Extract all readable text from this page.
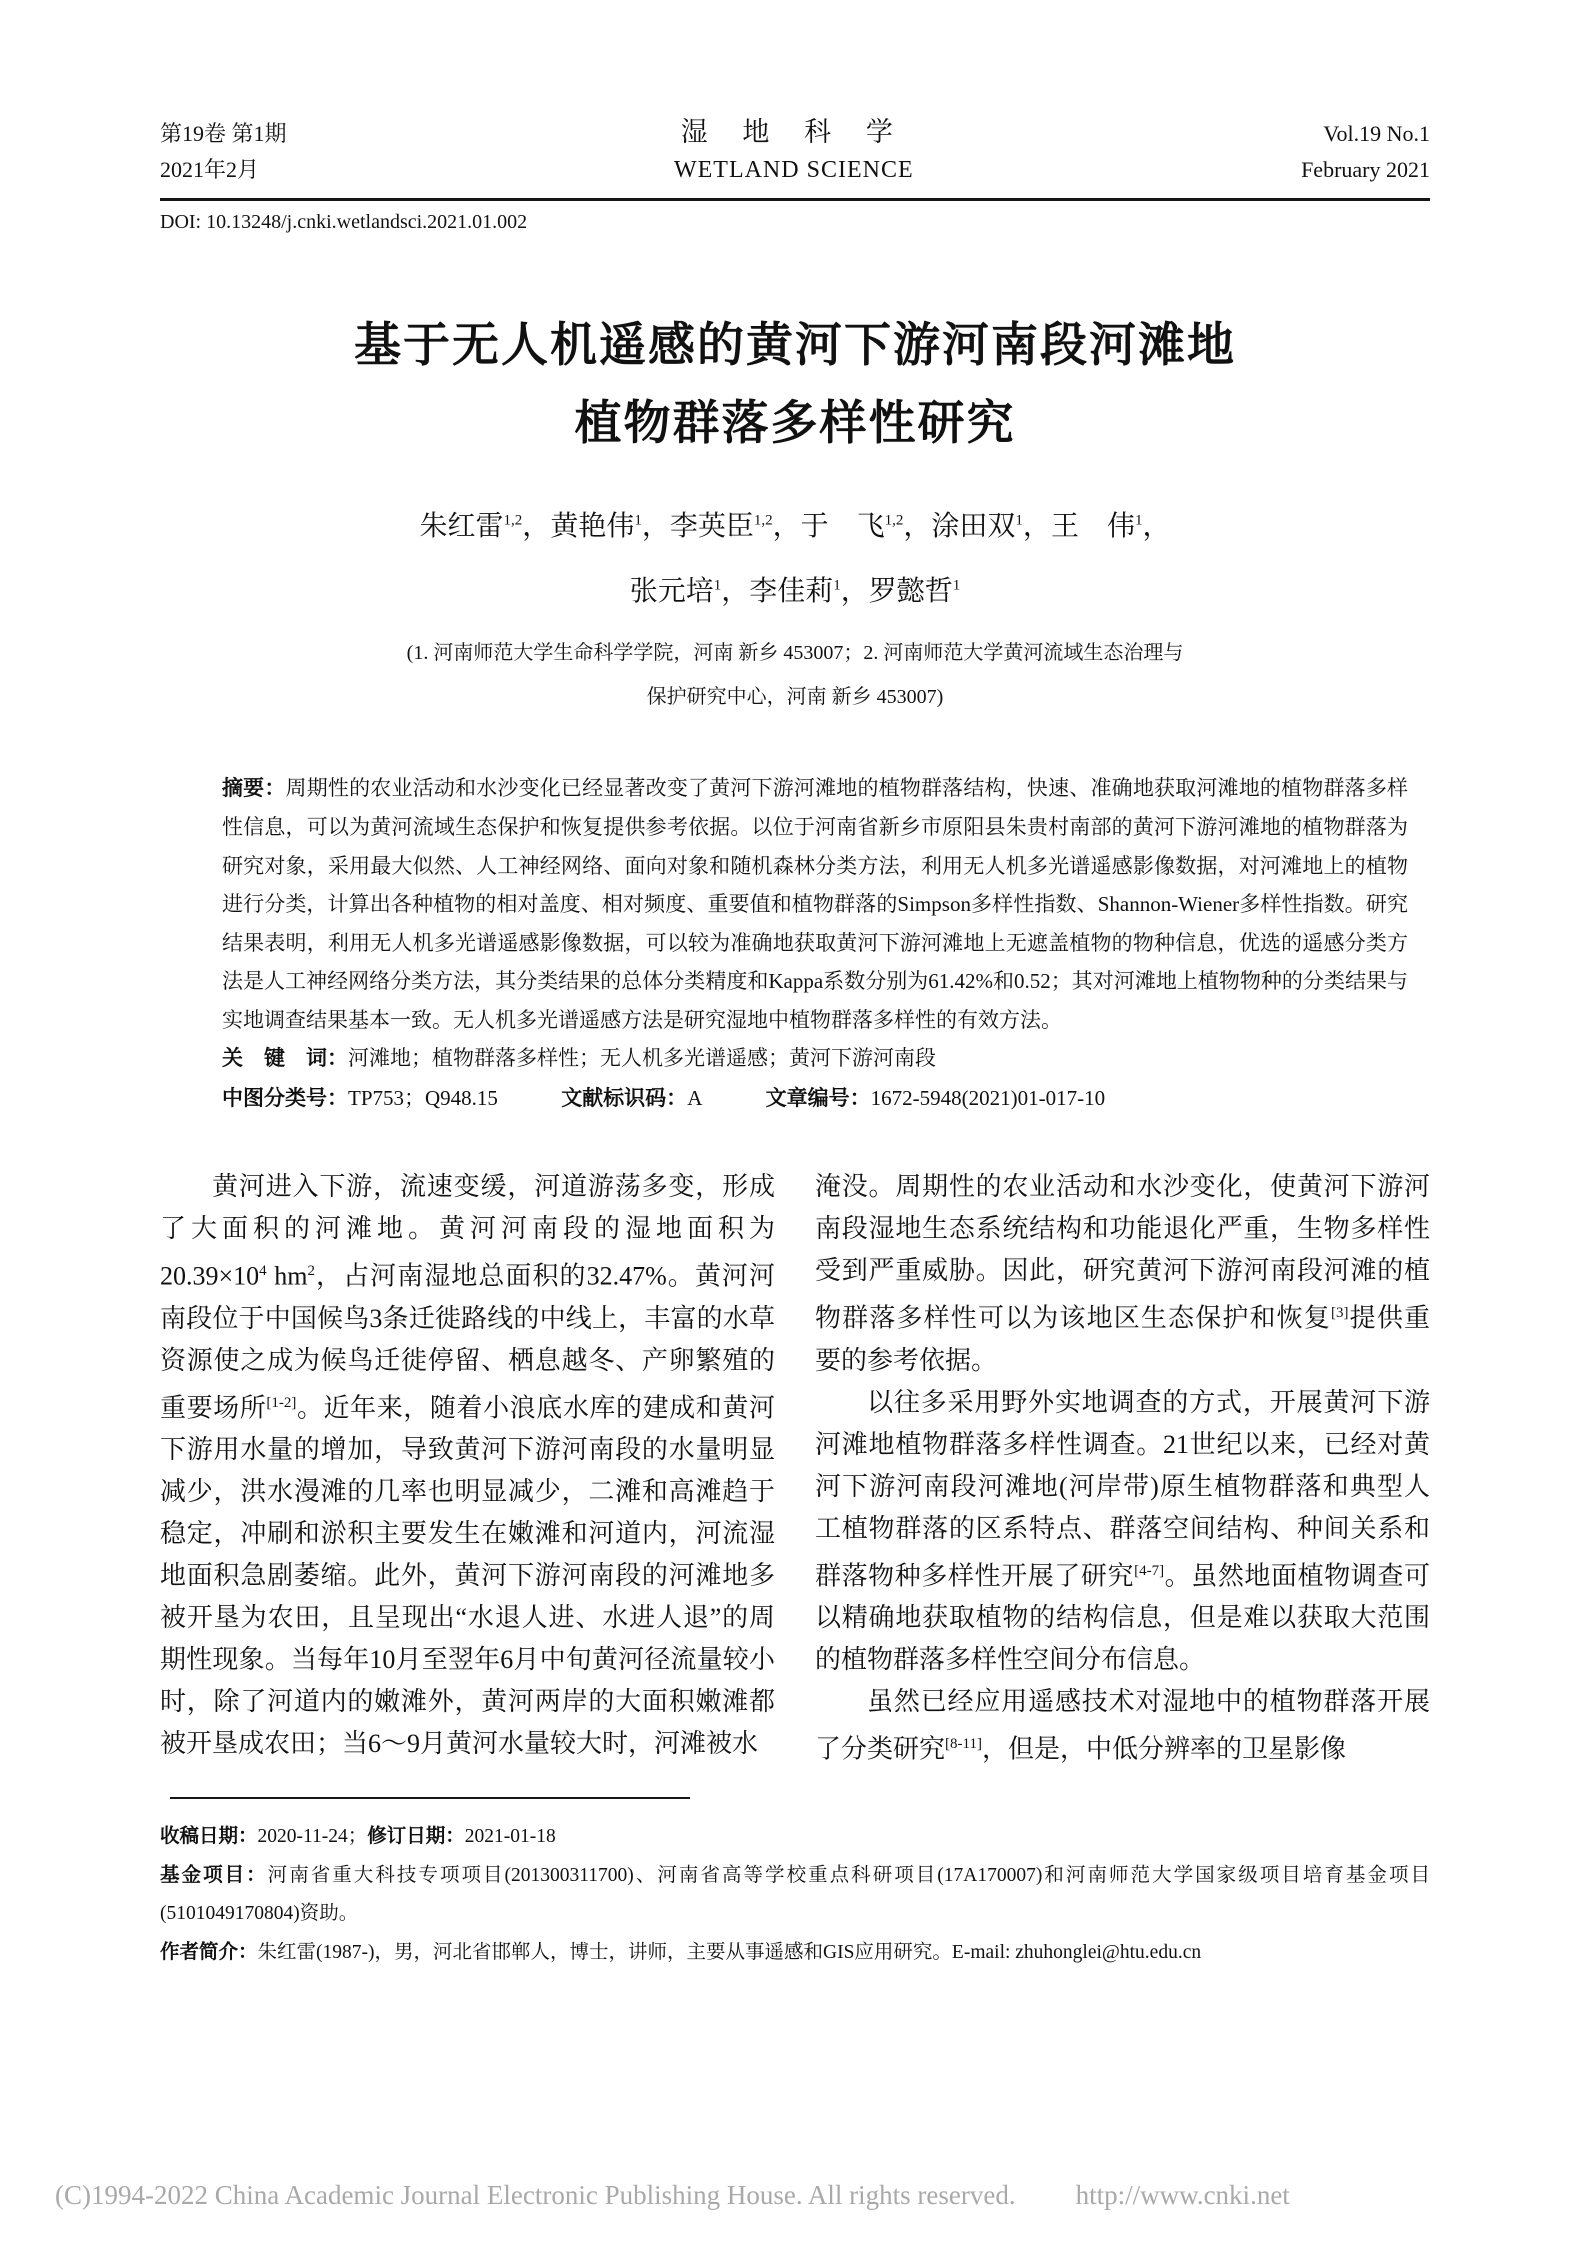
第19卷 第1期
2021年2月
湿 地 科 学
WETLAND SCIENCE
Vol.19 No.1
February 2021
DOI: 10.13248/j.cnki.wetlandsci.2021.01.002
基于无人机遥感的黄河下游河南段河滩地
植物群落多样性研究
朱红雷$^{1,2}$，黄艳伟$^1$，李英臣$^{1,2}$，于　飞$^{1,2}$，涂田双$^1$，王　伟$^1$，
张元培$^1$，李佳莉$^1$，罗懿哲$^1$
(1. 河南师范大学生命科学学院，河南 新乡 453007；2. 河南师范大学黄河流域生态治理与
保护研究中心，河南 新乡 453007)

摘要：周期性的农业活动和水沙变化已经显著改变了黄河下游河滩地的植物群落结构，快速、准确地获取河滩地的植物群落多样性信息，可以为黄河流域生态保护和恢复提供参考依据。以位于河南省新乡市原阳县朱贵村南部的黄河下游河滩地的植物群落为研究对象，采用最大似然、人工神经网络、面向对象和随机森林分类方法，利用无人机多光谱遥感影像数据，对河滩地上的植物进行分类，计算出各种植物的相对盖度、相对频度、重要值和植物群落的Simpson多样性指数、Shannon-Wiener多样性指数。研究结果表明，利用无人机多光谱遥感影像数据，可以较为准确地获取黄河下游河滩地上无遮盖植物的物种信息，优选的遥感分类方法是人工神经网络分类方法，其分类结果的总体分类精度和Kappa系数分别为61.42%和0.52；其对河滩地上植物物种的分类结果与实地调查结果基本一致。无人机多光谱遥感方法是研究湿地中植物群落多样性的有效方法。

关　键　词：河滩地；植物群落多样性；无人机多光谱遥感；黄河下游河南段

中图分类号：TP753；Q948.15	文献标识码：A	文章编号：1672-5948(2021)01-017-10

黄河进入下游，流速变缓，河道游荡多变，形成了大面积的河滩地。黄河河南段的湿地面积为$20.39\times 10^4$ $hm^2$，占河南湿地总面积的32.47%。黄河河南段位于中国候鸟3条迁徙路线的中线上，丰富的水草资源使之成为候鸟迁徙停留、栖息越冬、产卵繁殖的重要场所[1-2]。近年来，随着小浪底水库的建成和黄河下游用水量的增加，导致黄河下游河南段的水量明显减少，洪水漫滩的几率也明显减少，二滩和高滩趋于稳定，冲刷和淤积主要发生在嫩滩和河道内，河流湿地面积急剧萎缩。此外，黄河下游河南段的河滩地多被开垦为农田，且呈现出“水退人进、水进人退”的周期性现象。当每年10月至翌年6月中旬黄河径流量较小时，除了河道内的嫩滩外，黄河两岸的大面积嫩滩都被开垦成农田；当6～9月黄河水量较大时，河滩被水

淹没。周期性的农业活动和水沙变化，使黄河下游河南段湿地生态系统结构和功能退化严重，生物多样性受到严重威胁。因此，研究黄河下游河南段河滩的植物群落多样性可以为该地区生态保护和恢复[3]提供重要的参考依据。

以往多采用野外实地调查的方式，开展黄河下游河滩地植物群落多样性调查。21世纪以来，已经对黄河下游河南段河滩地(河岸带)原生植物群落和典型人工植物群落的区系特点、群落空间结构、种间关系和群落物种多样性开展了研究[4-7]。虽然地面植物调查可以精确地获取植物的结构信息，但是难以获取大范围的植物群落多样性空间分布信息。

虽然已经应用遥感技术对湿地中的植物群落开展了分类研究[8-11]，但是，中低分辨率的卫星影像

收稿日期：2020-11-24；修订日期：2021-01-18

基金项目：河南省重大科技专项项目(201300311700)、河南省高等学校重点科研项目(17A170007)和河南师范大学国家级项目培育基金项目(5101049170804)资助。

作者简介：朱红雷(1987-)，男，河北省邯郸人，博士，讲师，主要从事遥感和GIS应用研究。E-mail: zhuhonglei@htu.edu.cn

(C)1994-2022 China Academic Journal Electronic Publishing House. All rights reserved. http://www.cnki.net
